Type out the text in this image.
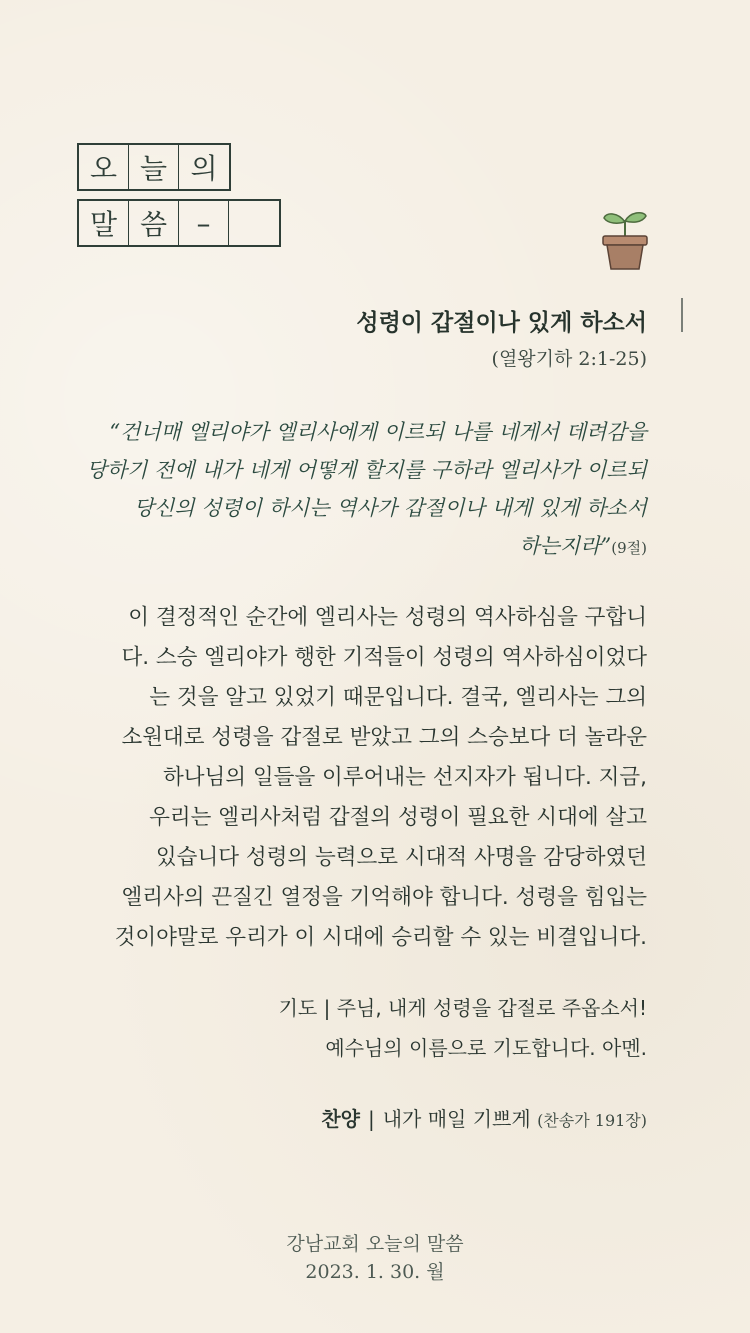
오 늘 의
말 씀	–
성령이 갑절이나 있게 하소서
(열왕기하 2:1-25)
“건너매 엘리야가 엘리사에게 이르되 나를 네게서 데려감을
당하기 전에 내가 네게 어떻게 할지를 구하라 엘리사가 이르되
당신의 성령이 하시는 역사가 갑절이나 내게 있게 하소서
하는지라”(9절)
이 결정적인 순간에 엘리사는 성령의 역사하심을 구합니
다. 스승 엘리야가 행한 기적들이 성령의 역사하심이었다
는 것을 알고 있었기 때문입니다. 결국, 엘리사는 그의
소원대로 성령을 갑절로 받았고 그의 스승보다 더 놀라운
하나님의 일들을 이루어내는 선지자가 됩니다. 지금,
우리는 엘리사처럼 갑절의 성령이 필요한 시대에 살고
있습니다 성령의 능력으로 시대적 사명을 감당하였던
엘리사의 끈질긴 열정을 기억해야 합니다. 성령을 힘입는
것이야말로 우리가 이 시대에 승리할 수 있는 비결입니다.
기도 | 주님, 내게 성령을 갑절로 주옵소서!
예수님의 이름으로 기도합니다. 아멘.
찬양 | 내가 매일 기쁘게 (찬송가 191장)
강남교회 오늘의 말씀
2023. 1. 30. 월
